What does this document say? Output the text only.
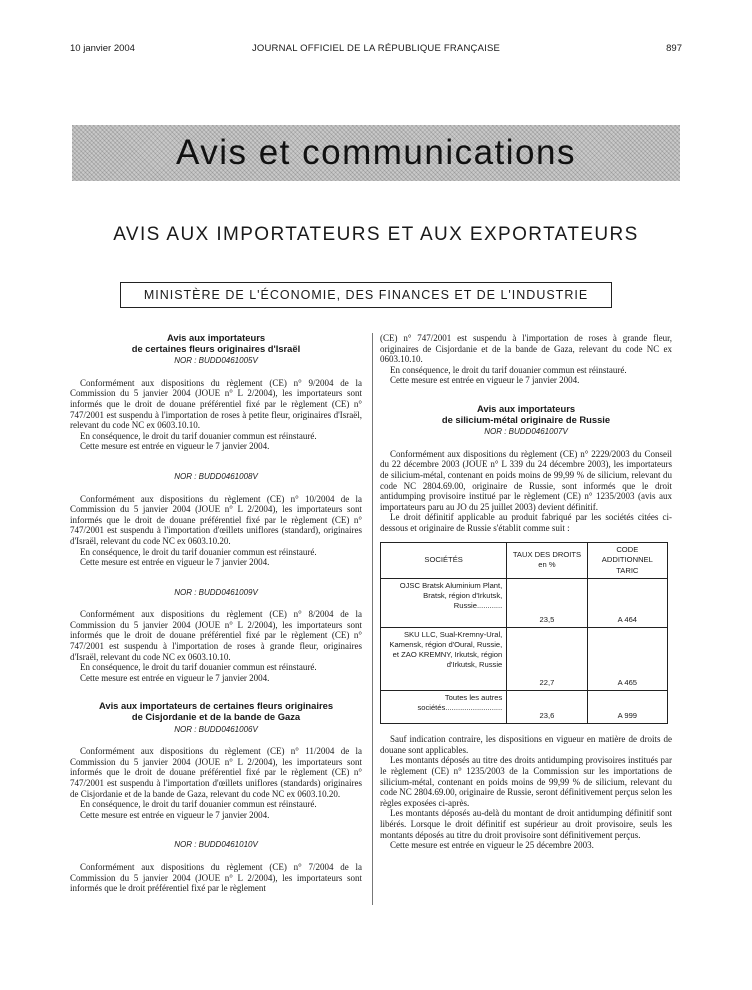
10 janvier 2004	JOURNAL OFFICIEL DE LA RÉPUBLIQUE FRANÇAISE	897
Avis et communications
AVIS AUX IMPORTATEURS ET AUX EXPORTATEURS
MINISTÈRE DE L'ÉCONOMIE, DES FINANCES ET DE L'INDUSTRIE
Avis aux importateurs
de certaines fleurs originaires d'Israël
NOR : BUDD0461005V

Conformément aux dispositions du règlement (CE) n° 9/2004 de la Commission du 5 janvier 2004 (JOUE n° L 2/2004), les importateurs sont informés que le droit de douane préférentiel fixé par le règlement (CE) n° 747/2001 est suspendu à l'importation de roses à petite fleur, originaires d'Israël, relevant du code NC ex 0603.10.10.

En conséquence, le droit du tarif douanier commun est réinstauré.

Cette mesure est entrée en vigueur le 7 janvier 2004.

NOR : BUDD0461008V

Conformément aux dispositions du règlement (CE) n° 10/2004 de la Commission du 5 janvier 2004 (JOUE n° L 2/2004), les importateurs sont informés que le droit de douane préférentiel fixé par le règlement (CE) n° 747/2001 est suspendu à l'importation d'œillets uniflores (standard), originaires d'Israël, relevant du code NC ex 0603.10.20.

En conséquence, le droit du tarif douanier commun est réinstauré.

Cette mesure est entrée en vigueur le 7 janvier 2004.

NOR : BUDD0461009V

Conformément aux dispositions du règlement (CE) n° 8/2004 de la Commission du 5 janvier 2004 (JOUE n° L 2/2004), les importateurs sont informés que le droit de douane préférentiel fixé par le règlement (CE) n° 747/2001 est suspendu à l'importation de roses à grande fleur, originaires d'Israël, relevant du code NC ex 0603.10.10.

En conséquence, le droit du tarif douanier commun est réinstauré.

Cette mesure est entrée en vigueur le 7 janvier 2004.

Avis aux importateurs de certaines fleurs originaires
de Cisjordanie et de la bande de Gaza
NOR : BUDD0461006V

Conformément aux dispositions du règlement (CE) n° 11/2004 de la Commission du 5 janvier 2004 (JOUE n° L 2/2004), les importateurs sont informés que le droit de douane préférentiel fixé par le règlement (CE) n° 747/2001 est suspendu à l'importation d'œillets uniflores (standards) originaires de Cisjordanie et de la bande de Gaza, relevant du code NC ex 0603.10.20.

En conséquence, le droit du tarif douanier commun est réinstauré.

Cette mesure est entrée en vigueur le 7 janvier 2004.

NOR : BUDD0461010V

Conformément aux dispositions du règlement (CE) n° 7/2004 de la Commission du 5 janvier 2004 (JOUE n° L 2/2004), les importateurs sont informés que le droit préférentiel fixé par le règlement

(CE) n° 747/2001 est suspendu à l'importation de roses à grande fleur, originaires de Cisjordanie et de la bande de Gaza, relevant du code NC ex 0603.10.10.

En conséquence, le droit du tarif douanier commun est réinstauré.

Cette mesure est entrée en vigueur le 7 janvier 2004.

Avis aux importateurs
de silicium-métal originaire de Russie
NOR : BUDD0461007V

Conformément aux dispositions du règlement (CE) n° 2229/2003 du Conseil du 22 décembre 2003 (JOUE n° L 339 du 24 décembre 2003), les importateurs de silicium-métal, contenant en poids moins de 99,99 % de silicium, relevant du code NC 2804.69.00, originaire de Russie, sont informés que le droit antidumping provisoire institué par le règlement (CE) n° 1235/2003 (avis aux importateurs paru au JO du 25 juillet 2003) devient définitif.

Le droit définitif applicable au produit fabriqué par les sociétés citées ci-dessous et originaire de Russie s'établit comme suit :

SOCIÉTÉS	TAUX DES DROITS en %	CODE ADDITIONNEL TARIC
OJSC Bratsk Aluminium Plant, Bratsk, région d'Irkutsk, Russie............	23,5	A 464
SKU LLC, Sual-Kremny-Ural, Kamensk, région d'Oural, Russie, et ZAO KREMNY, Irkutsk, région d'Irkutsk, Russie	22,7	A 465
Toutes les autres sociétés...........................	23,6	A 999

Sauf indication contraire, les dispositions en vigueur en matière de droits de douane sont applicables.

Les montants déposés au titre des droits antidumping provisoires institués par le règlement (CE) n° 1235/2003 de la Commission sur les importations de silicium-métal, contenant en poids moins de 99,99 % de silicium, relevant du code NC 2804.69.00, originaire de Russie, seront définitivement perçus selon les règles exposées ci-après.

Les montants déposés au-delà du montant de droit antidumping définitif sont libérés. Lorsque le droit définitif est supérieur au droit provisoire, seuls les montants déposés au titre du droit provisoire sont définitivement perçus.

Cette mesure est entrée en vigueur le 25 décembre 2003.
